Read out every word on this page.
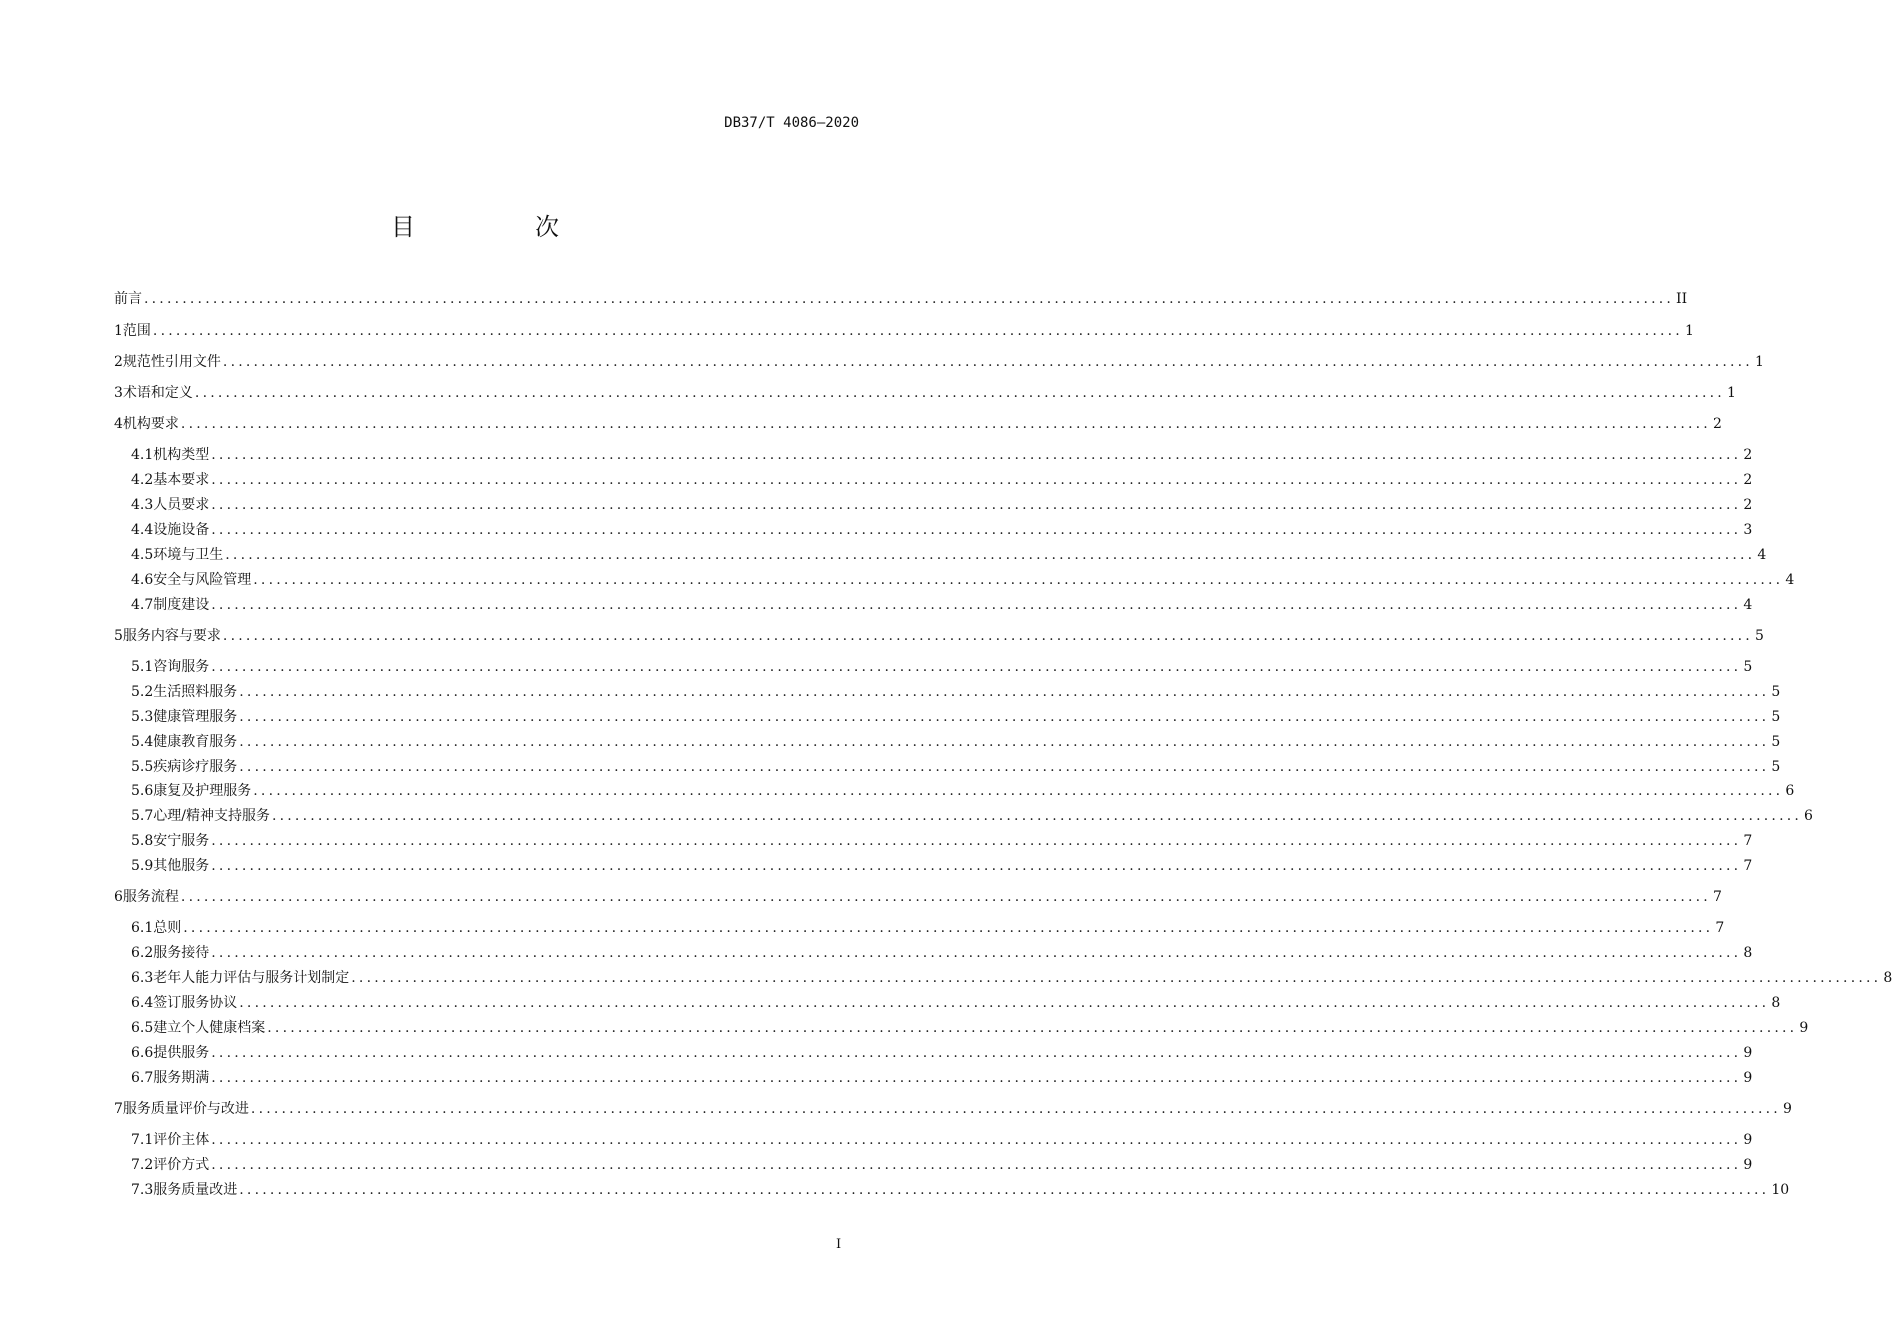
DB37/T 4086—2020
目　次
前言 ........................................................................................................................................................................................................ II
1 范围 ........................................................................................................................................................................................................ 1
2 规范性引用文件 ........................................................................................................................................................................................................ 1
3 术语和定义 ........................................................................................................................................................................................................ 1
4 机构要求 ........................................................................................................................................................................................................ 2
4.1 机构类型 ........................................................................................................................................................................................................ 2
4.2 基本要求 ........................................................................................................................................................................................................ 2
4.3 人员要求 ........................................................................................................................................................................................................ 2
4.4 设施设备 ........................................................................................................................................................................................................ 3
4.5 环境与卫生 ........................................................................................................................................................................................................ 4
4.6 安全与风险管理 ........................................................................................................................................................................................................ 4
4.7 制度建设 ........................................................................................................................................................................................................ 4
5 服务内容与要求 ........................................................................................................................................................................................................ 5
5.1 咨询服务 ........................................................................................................................................................................................................ 5
5.2 生活照料服务 ........................................................................................................................................................................................................ 5
5.3 健康管理服务 ........................................................................................................................................................................................................ 5
5.4 健康教育服务 ........................................................................................................................................................................................................ 5
5.5 疾病诊疗服务 ........................................................................................................................................................................................................ 5
5.6 康复及护理服务 ........................................................................................................................................................................................................ 6
5.7 心理/精神支持服务 ........................................................................................................................................................................................................ 6
5.8 安宁服务 ........................................................................................................................................................................................................ 7
5.9 其他服务 ........................................................................................................................................................................................................ 7
6 服务流程 ........................................................................................................................................................................................................ 7
6.1 总则 ........................................................................................................................................................................................................ 7
6.2 服务接待 ........................................................................................................................................................................................................ 8
6.3 老年人能力评估与服务计划制定 ........................................................................................................................................................................................................ 8
6.4 签订服务协议 ........................................................................................................................................................................................................ 8
6.5 建立个人健康档案 ........................................................................................................................................................................................................ 9
6.6 提供服务 ........................................................................................................................................................................................................ 9
6.7 服务期满 ........................................................................................................................................................................................................ 9
7 服务质量评价与改进 ........................................................................................................................................................................................................ 9
7.1 评价主体 ........................................................................................................................................................................................................ 9
7.2 评价方式 ........................................................................................................................................................................................................ 9
7.3 服务质量改进 ........................................................................................................................................................................................................ 10
I
